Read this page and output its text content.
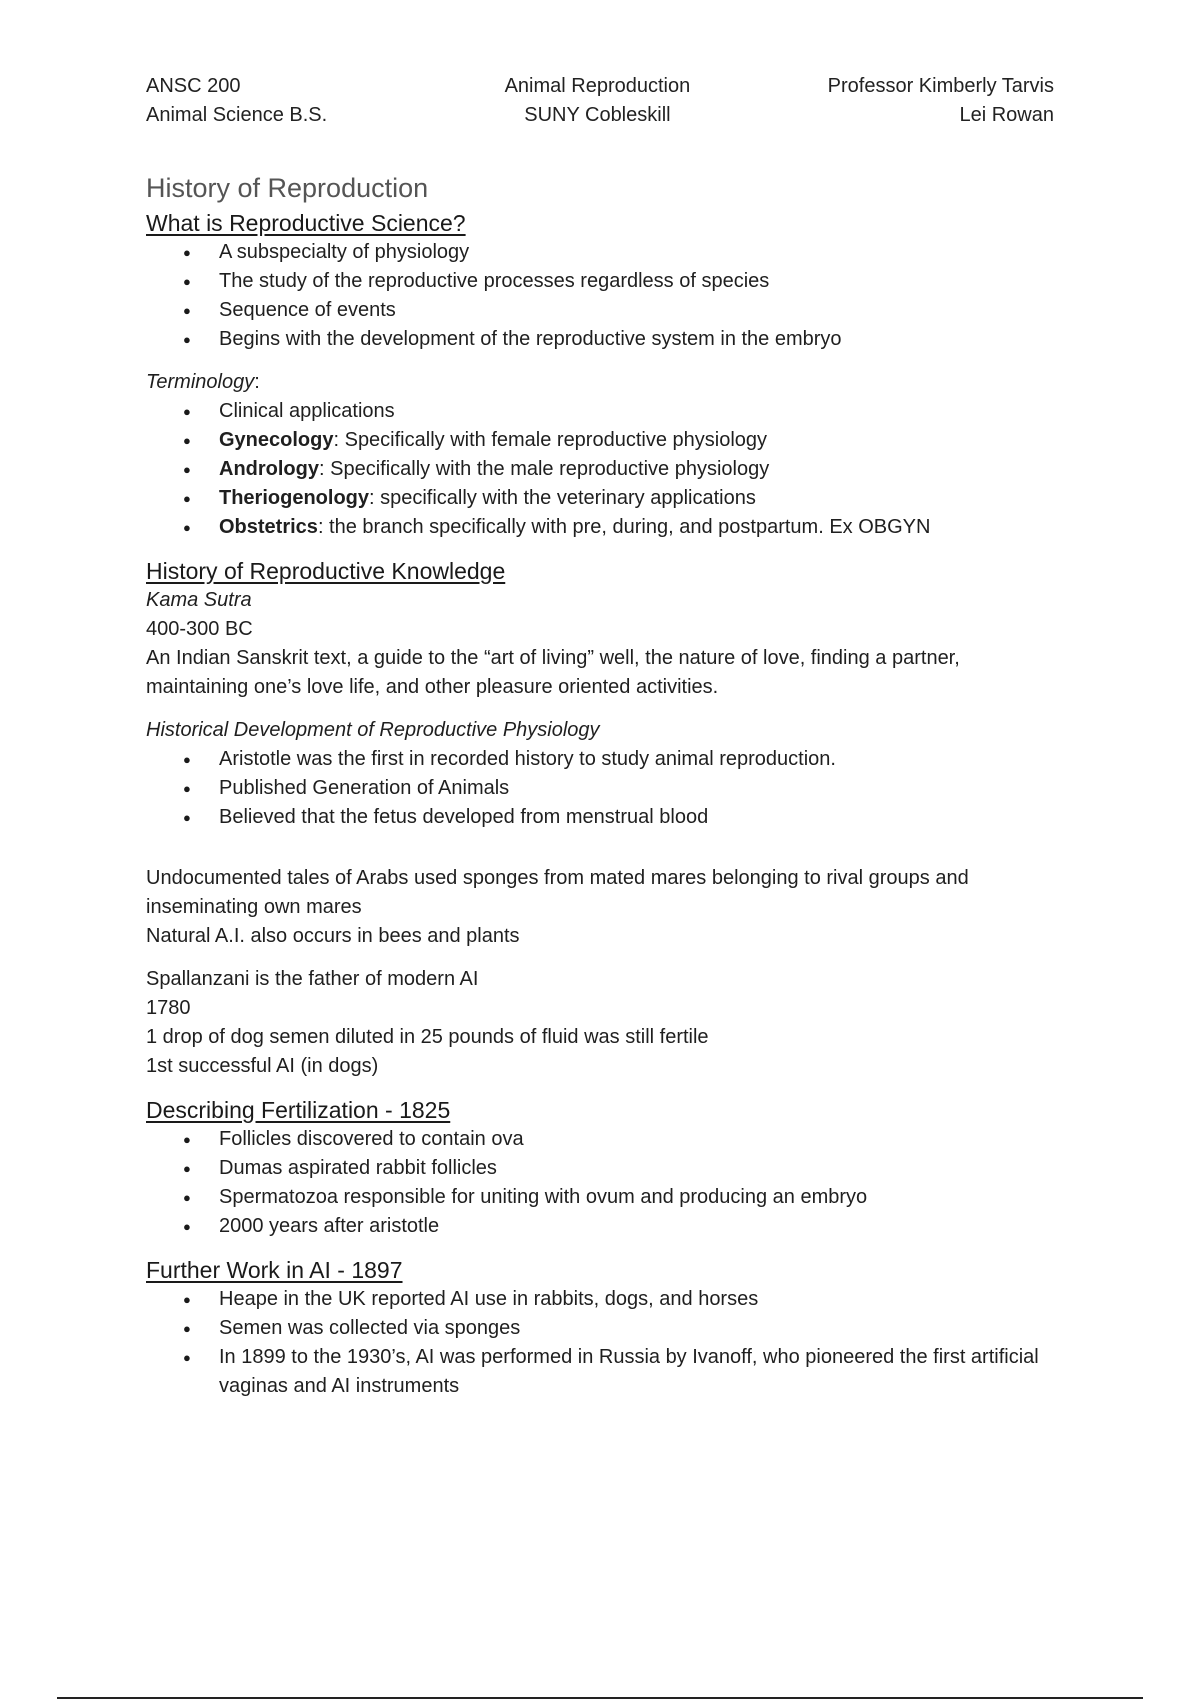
ANSC 200
Animal Science B.S.
Animal Reproduction
SUNY Cobleskill
Professor Kimberly Tarvis
Lei Rowan
History of Reproduction
What is Reproductive Science?
● A subspecialty of physiology
● The study of the reproductive processes regardless of species
● Sequence of events
● Begins with the development of the reproductive system in the embryo
Terminology:
● Clinical applications
● Gynecology: Specifically with female reproductive physiology
● Andrology: Specifically with the male reproductive physiology
● Theriogenology: specifically with the veterinary applications
● Obstetrics: the branch specifically with pre, during, and postpartum. Ex OBGYN
History of Reproductive Knowledge
Kama Sutra
400-300 BC
An Indian Sanskrit text, a guide to the “art of living” well, the nature of love, finding a partner, maintaining one’s love life, and other pleasure oriented activities.
Historical Development of Reproductive Physiology
● Aristotle was the first in recorded history to study animal reproduction.
● Published Generation of Animals
● Believed that the fetus developed from menstrual blood
Undocumented tales of Arabs used sponges from mated mares belonging to rival groups and inseminating own mares
Natural A.I. also occurs in bees and plants
Spallanzani is the father of modern AI
1780
1 drop of dog semen diluted in 25 pounds of fluid was still fertile
1st successful AI (in dogs)
Describing Fertilization - 1825
● Follicles discovered to contain ova
● Dumas aspirated rabbit follicles
● Spermatozoa responsible for uniting with ovum and producing an embryo
● 2000 years after aristotle
Further Work in AI - 1897
● Heape in the UK reported AI use in rabbits, dogs, and horses
● Semen was collected via sponges
● In 1899 to the 1930’s, AI was performed in Russia by Ivanoff, who pioneered the first artificial vaginas and AI instruments
